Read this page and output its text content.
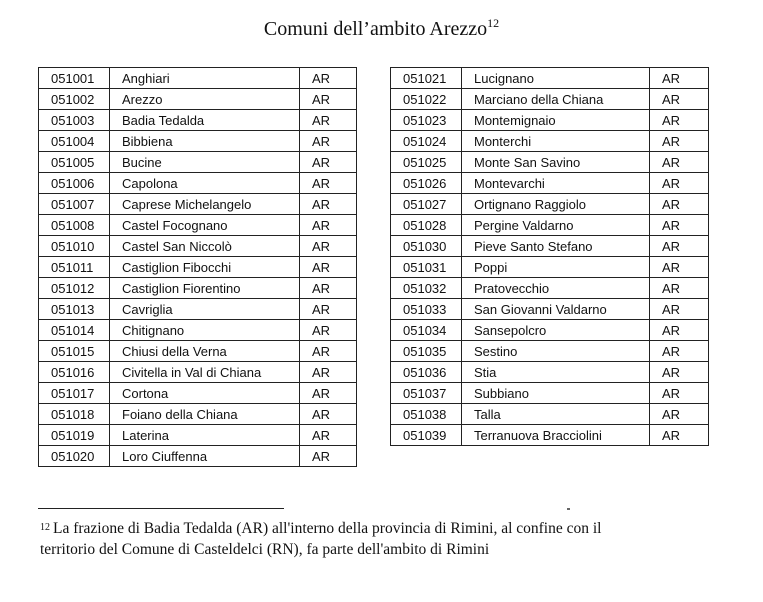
Comuni dell’ambito Arezzo$^{12}$
051001	Anghiari	AR
051002	Arezzo	AR
051003	Badia Tedalda	AR
051004	Bibbiena	AR
051005	Bucine	AR
051006	Capolona	AR
051007	Caprese Michelangelo	AR
051008	Castel Focognano	AR
051010	Castel San Niccolò	AR
051011	Castiglion Fibocchi	AR
051012	Castiglion Fiorentino	AR
051013	Cavriglia	AR
051014	Chitignano	AR
051015	Chiusi della Verna	AR
051016	Civitella in Val di Chiana	AR
051017	Cortona	AR
051018	Foiano della Chiana	AR
051019	Laterina	AR
051020	Loro Ciuffenna	AR
051021	Lucignano	AR
051022	Marciano della Chiana	AR
051023	Montemignaio	AR
051024	Monterchi	AR
051025	Monte San Savino	AR
051026	Montevarchi	AR
051027	Ortignano Raggiolo	AR
051028	Pergine Valdarno	AR
051030	Pieve Santo Stefano	AR
051031	Poppi	AR
051032	Pratovecchio	AR
051033	San Giovanni Valdarno	AR
051034	Sansepolcro	AR
051035	Sestino	AR
051036	Stia	AR
051037	Subbiano	AR
051038	Talla	AR
051039	Terranuova Bracciolini	AR
$^{12}$ La frazione di Badia Tedalda (AR) all'interno della provincia di Rimini, al confine con il
territorio del Comune di Casteldelci (RN), fa parte dell'ambito di Rimini
